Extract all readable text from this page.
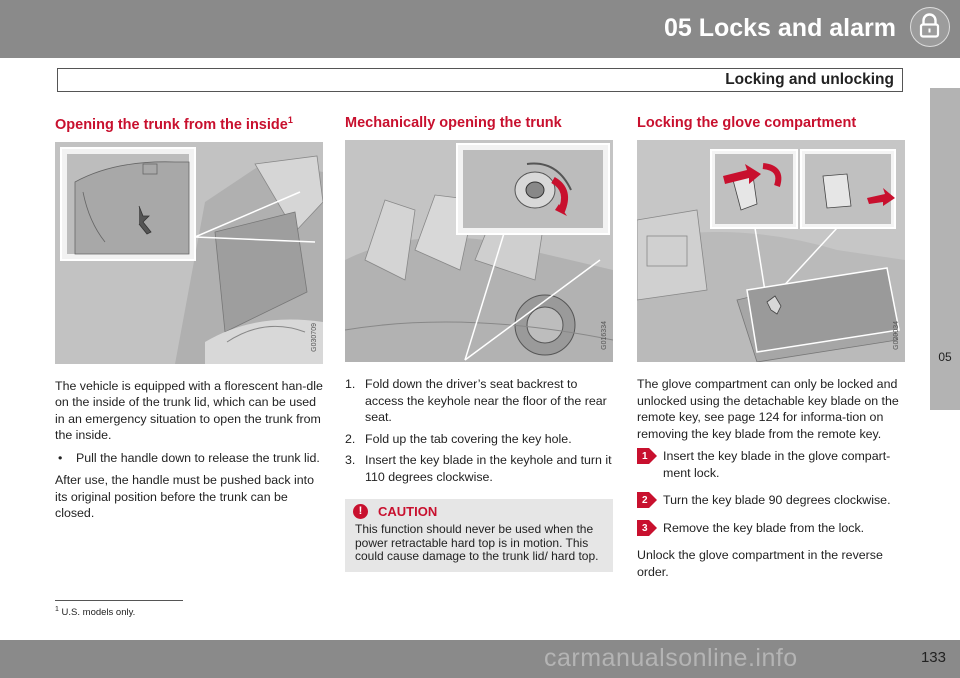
05 Locks and alarm
Locking and unlocking
05
Opening the trunk from the inside$^1$
G030709

The vehicle is equipped with a florescent han-dle on the inside of the trunk lid, which can be used in an emergency situation to open the trunk from the inside.

•	Pull the handle down to release the trunk lid.

After use, the handle must be pushed back into its original position before the trunk can be closed.

Mechanically opening the trunk
G016334
1. Fold down the driver’s seat backrest to access the keyhole near the floor of the rear seat.
2. Fold up the tab covering the key hole.
3. Insert the key blade in the keyhole and turn it 110 degrees clockwise.
!	CAUTION
This function should never be used when the power retractable hard top is in motion. This could cause damage to the trunk lid/ hard top.
Locking the glove compartment
G020034

The glove compartment can only be locked and unlocked using the detachable key blade on the remote key, see page 124 for informa-tion on removing the key blade from the remote key.

1 Insert the key blade in the glove compart-ment lock.
2 Turn the key blade 90 degrees clockwise.
3 Remove the key blade from the lock.

Unlock the glove compartment in the reverse order.

$^1$ U.S. models only.
133
carmanualsonline.info
